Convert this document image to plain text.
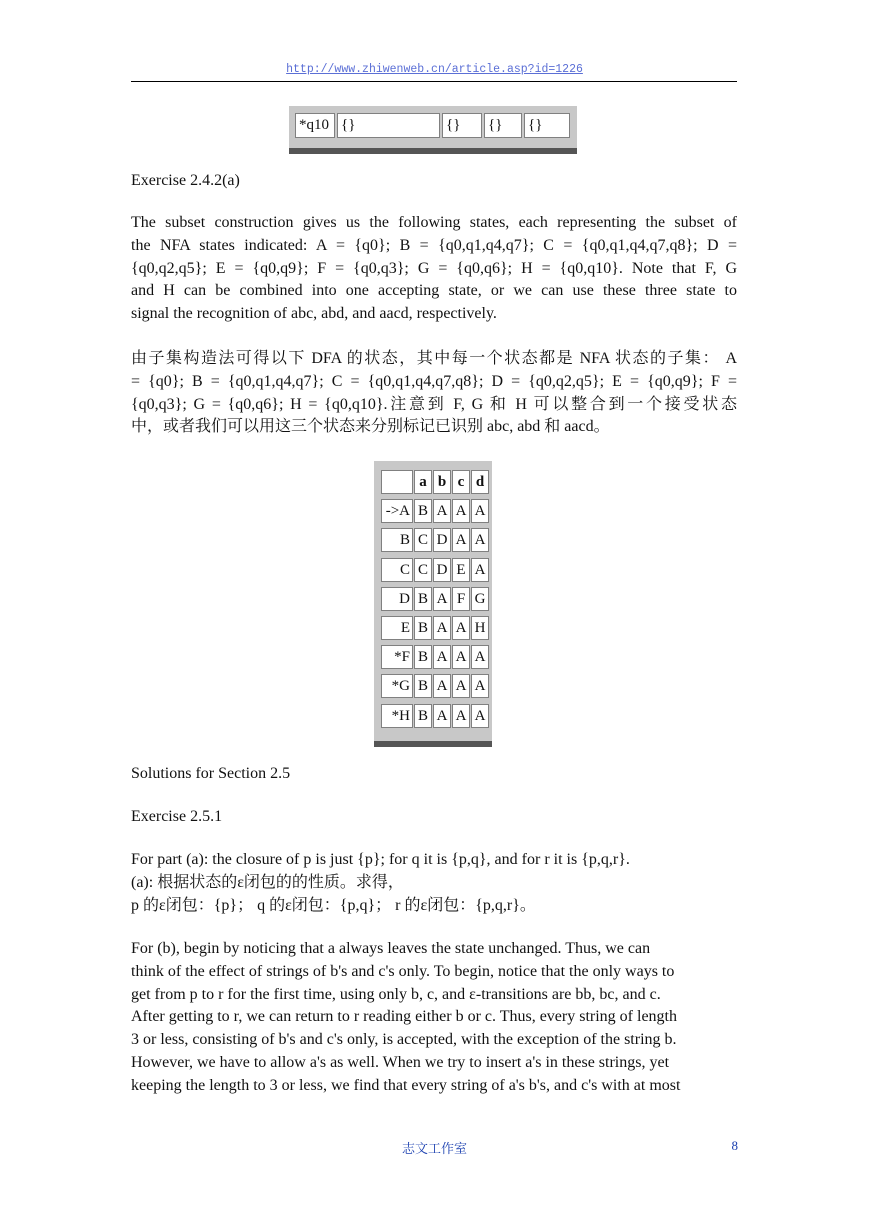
http://www.zhiwenweb.cn/article.asp?id=1226
*q10 {}	{}	{}	{}
Exercise 2.4.2(a)
The subset construction gives us the following states, each representing the subset of
the NFA states indicated: A = {q0}; B = {q0,q1,q4,q7}; C = {q0,q1,q4,q7,q8}; D =
{q0,q2,q5}; E = {q0,q9}; F = {q0,q3}; G = {q0,q6}; H = {q0,q10}. Note that F, G
and H can be combined into one accepting state, or we can use these three state to
signal the recognition of abc, abd, and aacd, respectively.
由子集构造法可得以下 DFA 的状态，其中每一个状态都是 NFA 状态的子集： A
= {q0}; B = {q0,q1,q4,q7}; C = {q0,q1,q4,q7,q8}; D = {q0,q2,q5}; E = {q0,q9}; F =
{q0,q3}; G = {q0,q6}; H = {q0,q10}.注意到 F, G 和 H 可以整合到一个接受状态
中，或者我们可以用这三个状态来分别标记已识别 abc, abd 和 aacd。
a b c d
->A B A A A
B C D A A
C C D E A
D B A F G
E B A A H
*F B A A A
*G B A A A
*H B A A A
Solutions for Section 2.5
Exercise 2.5.1
For part (a): the closure of p is just {p}; for q it is {p,q}, and for r it is {p,q,r}.
(a): 根据状态的ε闭包的的性质。求得，
p 的ε闭包：{p}； q 的ε闭包：{p,q}； r 的ε闭包：{p,q,r}。
For (b), begin by noticing that a always leaves the state unchanged. Thus, we can
think of the effect of strings of b's and c's only. To begin, notice that the only ways to
get from p to r for the first time, using only b, c, and ε-transitions are bb, bc, and c.
After getting to r, we can return to r reading either b or c. Thus, every string of length
3 or less, consisting of b's and c's only, is accepted, with the exception of the string b.
However, we have to allow a's as well. When we try to insert a's in these strings, yet
keeping the length to 3 or less, we find that every string of a's b's, and c's with at most
志文工作室	8
